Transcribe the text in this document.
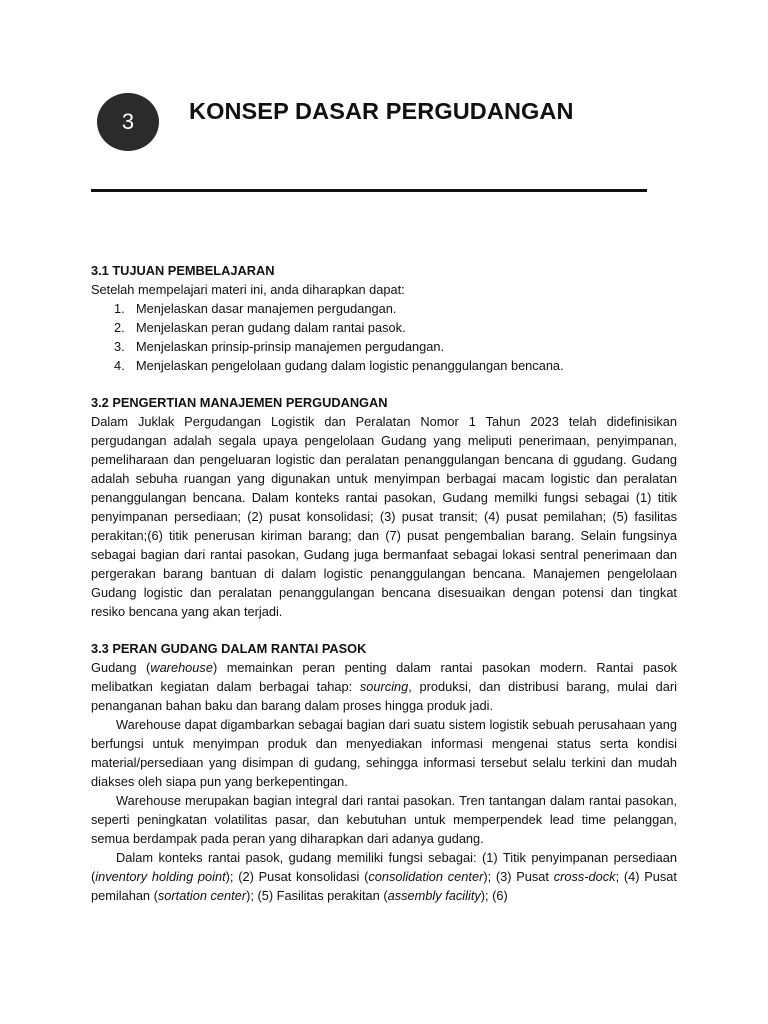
3 KONSEP DASAR PERGUDANGAN

3.1 TUJUAN PEMBELAJARAN

Setelah mempelajari materi ini, anda diharapkan dapat:

1. Menjelaskan dasar manajemen pergudangan.
2. Menjelaskan peran gudang dalam rantai pasok.
3. Menjelaskan prinsip-prinsip manajemen pergudangan.
4. Menjelaskan pengelolaan gudang dalam logistic penanggulangan bencana.

3.2 PENGERTIAN MANAJEMEN PERGUDANGAN

Dalam Juklak Pergudangan Logistik dan Peralatan Nomor 1 Tahun 2023 telah didefinisikan pergudangan adalah segala upaya pengelolaan Gudang yang meliputi penerimaan, penyimpanan, pemeliharaan dan pengeluaran logistic dan peralatan penanggulangan bencana di ggudang. Gudang adalah sebuha ruangan yang digunakan untuk menyimpan berbagai macam logistic dan peralatan penanggulangan bencana. Dalam konteks rantai pasokan, Gudang memilki fungsi sebagai (1) titik penyimpanan persediaan; (2) pusat konsolidasi; (3) pusat transit; (4) pusat pemilahan; (5) fasilitas perakitan;(6) titik penerusan kiriman barang; dan (7) pusat pengembalian barang. Selain fungsinya sebagai bagian dari rantai pasokan, Gudang juga bermanfaat sebagai lokasi sentral penerimaan dan pergerakan barang bantuan di dalam logistic penanggulangan bencana. Manajemen pengelolaan Gudang logistic dan peralatan penanggulangan bencana disesuaikan dengan potensi dan tingkat resiko bencana yang akan terjadi.

3.3 PERAN GUDANG DALAM RANTAI PASOK

Gudang (warehouse) memainkan peran penting dalam rantai pasokan modern. Rantai pasok melibatkan kegiatan dalam berbagai tahap: sourcing, produksi, dan distribusi barang, mulai dari penanganan bahan baku dan barang dalam proses hingga produk jadi.

Warehouse dapat digambarkan sebagai bagian dari suatu sistem logistik sebuah perusahaan yang berfungsi untuk menyimpan produk dan menyediakan informasi mengenai status serta kondisi material/persediaan yang disimpan di gudang, sehingga informasi tersebut selalu terkini dan mudah diakses oleh siapa pun yang berkepentingan.

Warehouse merupakan bagian integral dari rantai pasokan. Tren tantangan dalam rantai pasokan, seperti peningkatan volatilitas pasar, dan kebutuhan untuk memperpendek lead time pelanggan, semua berdampak pada peran yang diharapkan dari adanya gudang.

Dalam konteks rantai pasok, gudang memiliki fungsi sebagai: (1) Titik penyimpanan persediaan (inventory holding point); (2) Pusat konsolidasi (consolidation center); (3) Pusat cross-dock; (4) Pusat pemilahan (sortation center); (5) Fasilitas perakitan (assembly facility); (6)
